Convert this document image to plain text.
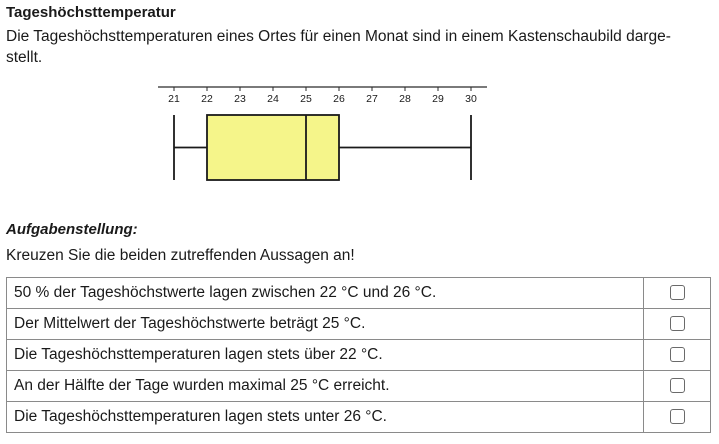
Tageshöchsttemperatur
Die Tageshöchsttemperaturen eines Ortes für einen Monat sind in einem Kastenschaubild darge-
stellt.
21 22 23 24 25 26 27 28 29 30
Aufgabenstellung:
Kreuzen Sie die beiden zutreffenden Aussagen an!
50 % der Tageshöchstwerte lagen zwischen 22 °C und 26 °C.	
Der Mittelwert der Tageshöchstwerte beträgt 25 °C.	
Die Tageshöchsttemperaturen lagen stets über 22 °C.	
An der Hälfte der Tage wurden maximal 25 °C erreicht.	
Die Tageshöchsttemperaturen lagen stets unter 26 °C.	
